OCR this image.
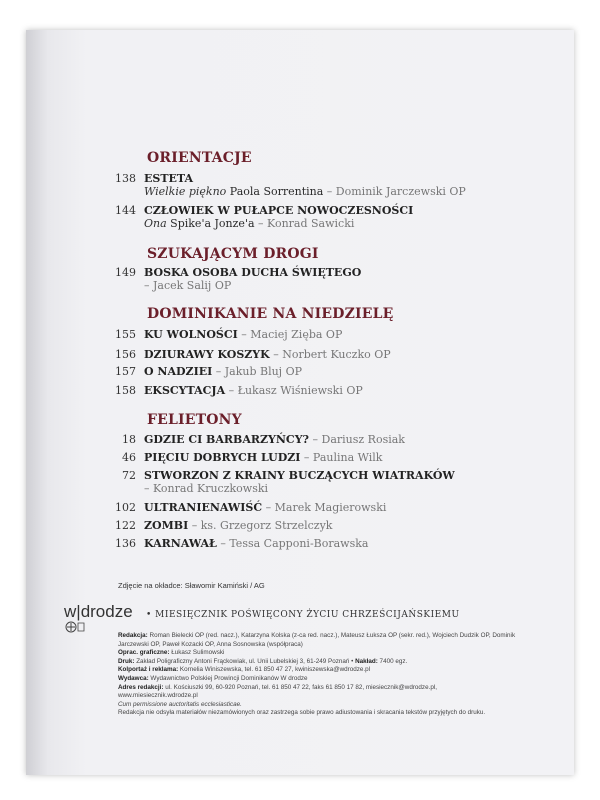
ORIENTACJE
138 ESTETA
Wielkie piękno Paola Sorrentina – Dominik Jarczewski OP
144 CZŁOWIEK W PUŁAPCE NOWOCZESNOŚCI
Ona Spike'a Jonze'a – Konrad Sawicki
SZUKAJĄCYM DROGI
149 BOSKA OSOBA DUCHA ŚWIĘTEGO
– Jacek Salij OP
DOMINIKANIE NA NIEDZIELĘ
155 KU WOLNOŚCI – Maciej Zięba OP
156 DZIURAWY KOSZYK – Norbert Kuczko OP
157 O NADZIEI – Jakub Bluj OP
158 EKSCYTACJA – Łukasz Wiśniewski OP
FELIETONY
18 GDZIE CI BARBARZYŃCY? – Dariusz Rosiak
46 PIĘCIU DOBRYCH LUDZI – Paulina Wilk
72 STWORZON Z KRAINY BUCZĄCYCH WIATRAKÓW
– Konrad Kruczkowski
102 ULTRANIENAWIŚĆ – Marek Magierowski
122 ZOMBI – ks. Grzegorz Strzelczyk
136 KARNAWAŁ – Tessa Capponi-Borawska
Zdjęcie na okładce: Sławomir Kamiński / AG
w|drodze • MIESIĘCZNIK POŚWIĘCONY ŻYCIU CHRZEŚCIJAŃSKIEMU

Redakcja: Roman Bielecki OP (red. nacz.), Katarzyna Kolska (z-ca red. nacz.), Mateusz Łuksza OP (sekr. red.), Wojciech Dudzik OP, Dominik Jarczewski OP, Paweł Kozacki OP, Anna Sosnowska (współpraca)

Oprac. graficzne: Łukasz Sulimowski

Druk: Zakład Poligraficzny Antoni Frąckowiak, ul. Unii Lubelskiej 3, 61-249 Poznań • Nakład: 7400 egz.

Kolportaż i reklama: Kornelia Winiszewska, tel. 61 850 47 27, kwiniszewska@wdrodze.pl

Wydawca: Wydawnictwo Polskiej Prowincji Dominikanów W drodze

Adres redakcji: ul. Kościuszki 99, 60-920 Poznań, tel. 61 850 47 22, faks 61 850 17 82, miesiecznik@wdrodze.pl, www.miesiecznik.wdrodze.pl

Cum permissione auctoritatis ecclesiasticae.

Redakcja nie odsyła materiałów niezamówionych oraz zastrzega sobie prawo adiustowania i skracania tekstów przyjętych do druku.
